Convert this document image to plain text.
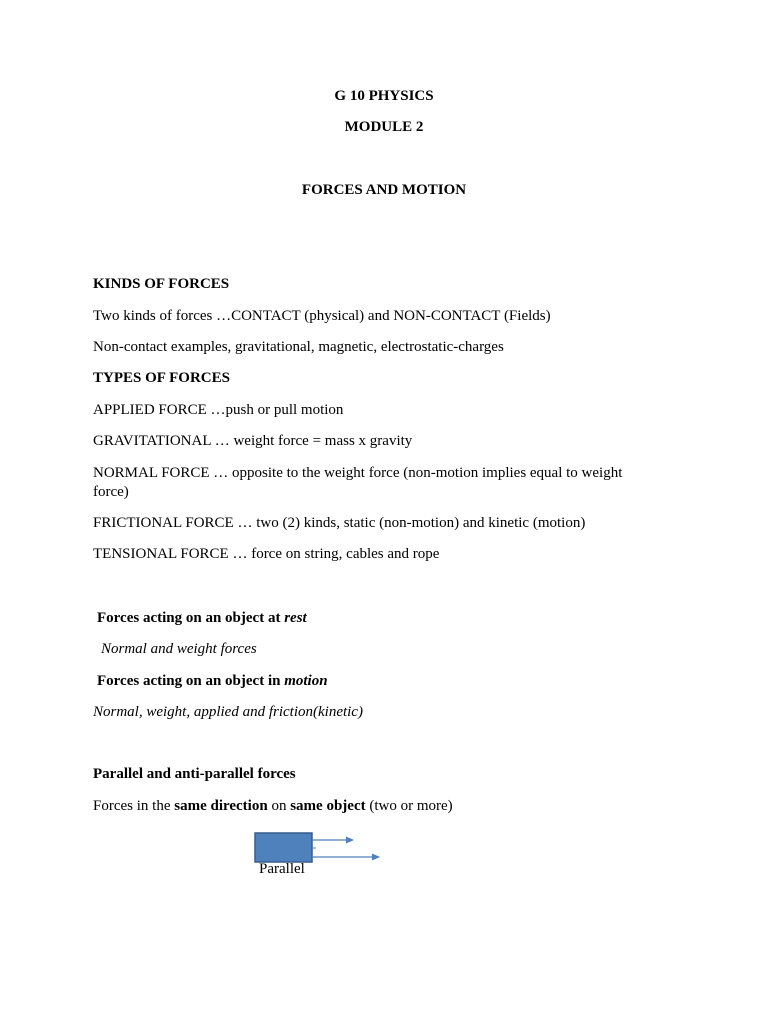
G 10 PHYSICS
MODULE 2
FORCES AND MOTION
KINDS OF FORCES
Two kinds of forces …CONTACT (physical) and NON-CONTACT (Fields)
Non-contact examples, gravitational, magnetic, electrostatic-charges
TYPES OF FORCES
APPLIED FORCE …push or pull motion
GRAVITATIONAL … weight force = mass x gravity
NORMAL FORCE … opposite to the weight force (non-motion implies equal to weight force)
FRICTIONAL FORCE … two (2) kinds, static (non-motion) and kinetic (motion)
TENSIONAL FORCE … force on string, cables and rope
Forces acting on an object at rest
Normal and weight forces
Forces acting on an object in motion
Normal, weight, applied and friction(kinetic)
Parallel and anti-parallel forces
Forces in the same direction on same object (two or more)
Parallel
